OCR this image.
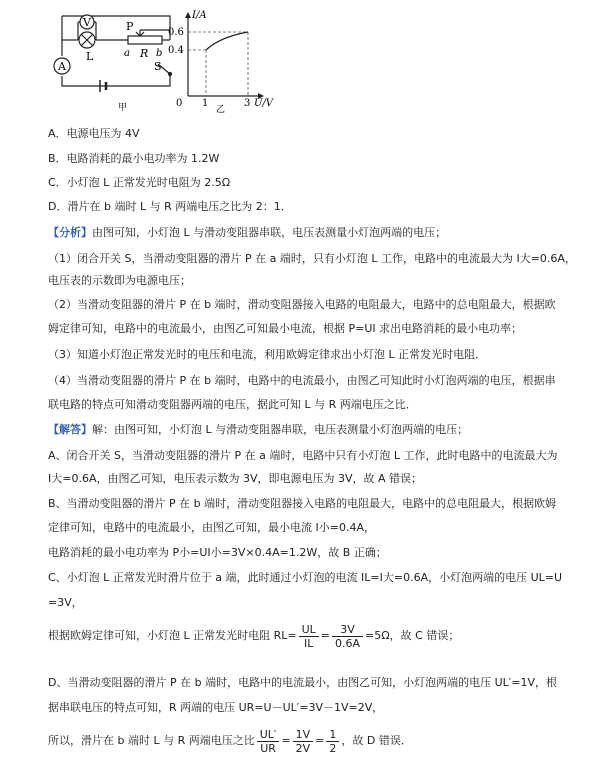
V
A
L
P
a R b
S
甲
I/A
U/V
0
0.6
0.4
1	3
乙
A．电源电压为 4V
B．电路消耗的最小电功率为 1.2W
C．小灯泡 L 正常发光时电阻为 2.5Ω
D．滑片在 b 端时 L 与 R 两端电压之比为 2：1．
【分析】由图可知，小灯泡 L 与滑动变阻器串联，电压表测量小灯泡两端的电压；
（1）闭合开关 S，当滑动变阻器的滑片 P 在 a 端时，只有小灯泡 L 工作，电路中的电流最大为 I大=0.6A，
电压表的示数即为电源电压；
（2）当滑动变阻器的滑片 P 在 b 端时，滑动变阻器接入电路的电阻最大，电路中的总电阻最大，根据欧
姆定律可知，电路中的电流最小，由图乙可知最小电流，根据 P=UI 求出电路消耗的最小电功率；
（3）知道小灯泡正常发光时的电压和电流，利用欧姆定律求出小灯泡 L 正常发光时电阻．
（4）当滑动变阻器的滑片 P 在 b 端时，电路中的电流最小，由图乙可知此时小灯泡两端的电压，根据串
联电路的特点可知滑动变阻器两端的电压，据此可知 L 与 R 两端电压之比．
【解答】解：由图可知，小灯泡 L 与滑动变阻器串联，电压表测量小灯泡两端的电压；
A、闭合开关 S，当滑动变阻器的滑片 P 在 a 端时，电路中只有小灯泡 L 工作，此时电路中的电流最大为
I大=0.6A，由图乙可知，电压表示数为 3V，即电源电压为 3V，故 A 错误；
B、当滑动变阻器的滑片 P 在 b 端时，滑动变阻器接入电路的电阻最大，电路中的总电阻最大，根据欧姆
定律可知，电路中的电流最小，由图乙可知，最小电流 I小=0.4A，
电路消耗的最小电功率为 P小=UI小=3V×0.4A=1.2W，故 B 正确；
C、小灯泡 L 正常发光时滑片位于 a 端，此时通过小灯泡的电流 IL=I大=0.6A，小灯泡两端的电压 UL=U
=3V，
根据欧姆定律可知，小灯泡 L 正常发光时电阻 $RL= \frac{UL}{IL} = \frac{3V}{0.6A} =5\Omega$，故 C 错误；
D、当滑动变阻器的滑片 P 在 b 端时，电路中的电流最小，由图乙可知，小灯泡两端的电压 UL′=1V，根
据串联电压的特点可知，R 两端的电压 UR=U－UL′=3V－1V=2V，
所以，滑片在 b 端时 L 与 R 两端电压之比 $\frac{UL'}{UR} = \frac{1V}{2V} = \frac{1}{2}$ ，故 D 错误．
